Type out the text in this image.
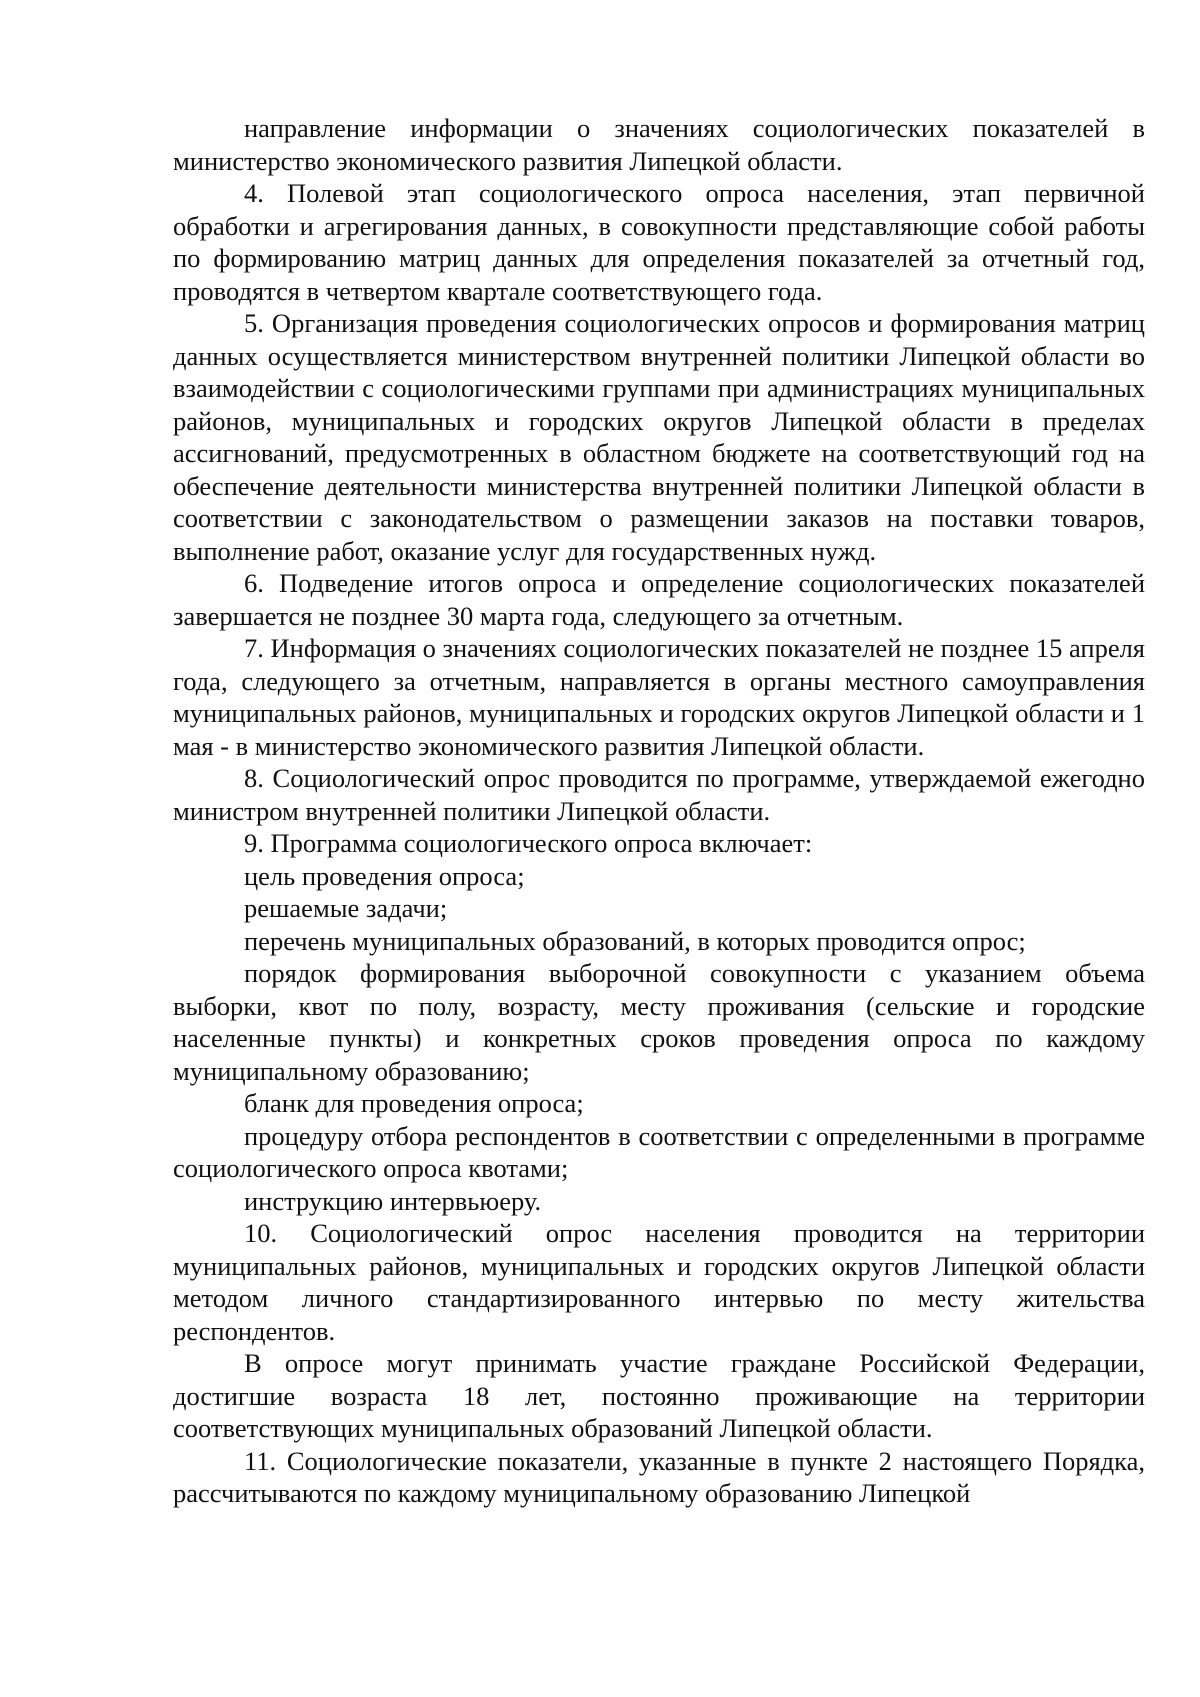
направление информации о значениях социологических показателей в министерство экономического развития Липецкой области.

4. Полевой этап социологического опроса населения, этап первичной обработки и агрегирования данных, в совокупности представляющие собой работы по формированию матриц данных для определения показателей за отчетный год, проводятся в четвертом квартале соответствующего года.

5. Организация проведения социологических опросов и формирования матриц данных осуществляется министерством внутренней политики Липецкой области во взаимодействии с социологическими группами при администрациях муниципальных районов, муниципальных и городских округов Липецкой области в пределах ассигнований, предусмотренных в областном бюджете на соответствующий год на обеспечение деятельности министерства внутренней политики Липецкой области в соответствии с законодательством о размещении заказов на поставки товаров, выполнение работ, оказание услуг для государственных нужд.

6. Подведение итогов опроса и определение социологических показателей завершается не позднее 30 марта года, следующего за отчетным.

7. Информация о значениях социологических показателей не позднее 15 апреля года, следующего за отчетным, направляется в органы местного самоуправления муниципальных районов, муниципальных и городских округов Липецкой области и 1 мая - в министерство экономического развития Липецкой области.

8. Социологический опрос проводится по программе, утверждаемой ежегодно министром внутренней политики Липецкой области.

9. Программа социологического опроса включает:

цель проведения опроса;

решаемые задачи;

перечень муниципальных образований, в которых проводится опрос;

порядок формирования выборочной совокупности с указанием объема выборки, квот по полу, возрасту, месту проживания (сельские и городские населенные пункты) и конкретных сроков проведения опроса по каждому муниципальному образованию;

бланк для проведения опроса;

процедуру отбора респондентов в соответствии с определенными в программе социологического опроса квотами;

инструкцию интервьюеру.

10. Социологический опрос населения проводится на территории муниципальных районов, муниципальных и городских округов Липецкой области методом личного стандартизированного интервью по месту жительства респондентов.

В опросе могут принимать участие граждане Российской Федерации, достигшие возраста 18 лет, постоянно проживающие на территории соответствующих муниципальных образований Липецкой области.

11. Социологические показатели, указанные в пункте 2 настоящего Порядка, рассчитываются по каждому муниципальному образованию Липецкой
